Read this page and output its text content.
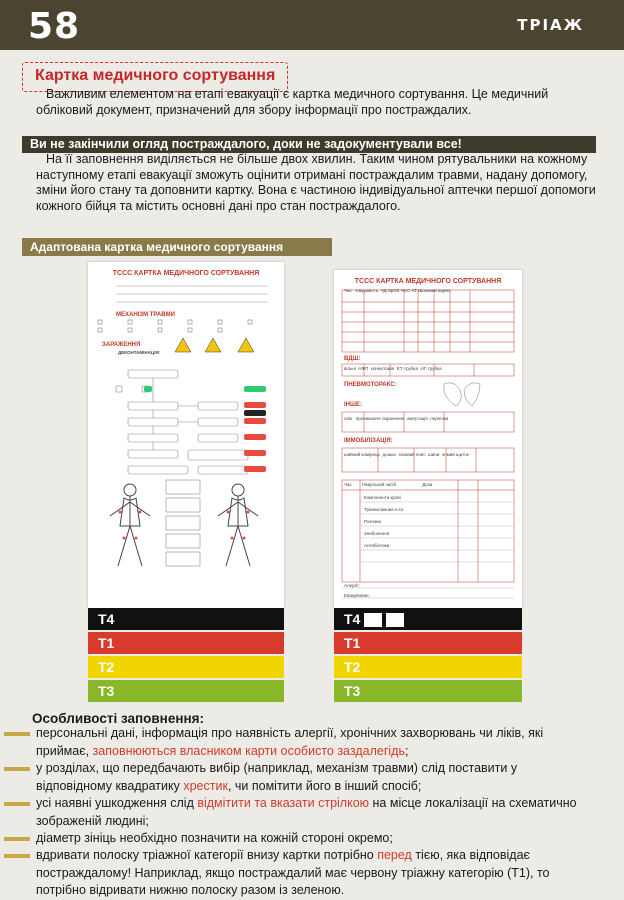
58	ТРІАЖ
Картка медичного сортування
Важливим елементом на етапі евакуації є картка медичного сортування. Це медичний обліковий документ, призначений для збору інформації про постраждалих.
Ви не закінчили огляд постраждалого, доки не задокументували все!
На її заповнення виділяється не більше двох хвилин. Таким чином рятувальники на кожному наступному етапі евакуації зможуть оцінити отримані постраждалим травми, надану допомогу, зміни його стану та доповнити картку. Вона є частиною індивідуальної аптечки першої допомоги кожного бійця та містить основні дані про стан постраждалого.
Адаптована картка медичного сортування
TCCC КАРТКА МЕДИЧНОГО СОРТУВАННЯ
МЕХАНІЗМ ТРАВМИ
ЗАРАЖЕННЯ
ДЕКОНТАМІНАЦІЯ:
T4
T1
T2
T3
TCCC КАРТКА МЕДИЧНОГО СОРТУВАННЯ
Час Свідомість ЧД SpO2 ЧСС АТ Шоковий індекс
ВДШ:
вільні НФП конікотомія ЕТ-трубка НГ-трубка
ПНЕВМОТОРАКС:
ІНШЕ:
опік проникаюче поранення ампутація перелом
ІММОБІЛІЗАЦІЯ:
шийний комірець дошка тазовий пояс шина опмий щиток
Час Лікарський засіб	Доза
Компоненти крові
Транексамова к-та
Розчини
Знеболення
Антибіотики
Алергії:
Евакуйован:
T4
T1
T2
T3
Особливості заповнення:
персональні дані, інформація про наявність алергії, хронічних захворювань чи ліків, які приймає, заповнюються власником карти особисто заздалегідь;
у розділах, що передбачають вибір (наприклад, механізм травми) слід поставити у відповідному квадратику хрестик, чи помітити його в інший спосіб;
усі наявні ушкодження слід відмітити та вказати стрілкою на місце локалізації на схематично зображеній людині;
діаметр зініць необхідно позначити на кожній стороні окремо;
вдривати полоску тріажної категорії внизу картки потрібно перед тією, яка відповідає постраждалому! Наприклад, якщо постраждалий має червону тріажну категорію (T1), то потрібно відривати нижню полоску разом із зеленою.
